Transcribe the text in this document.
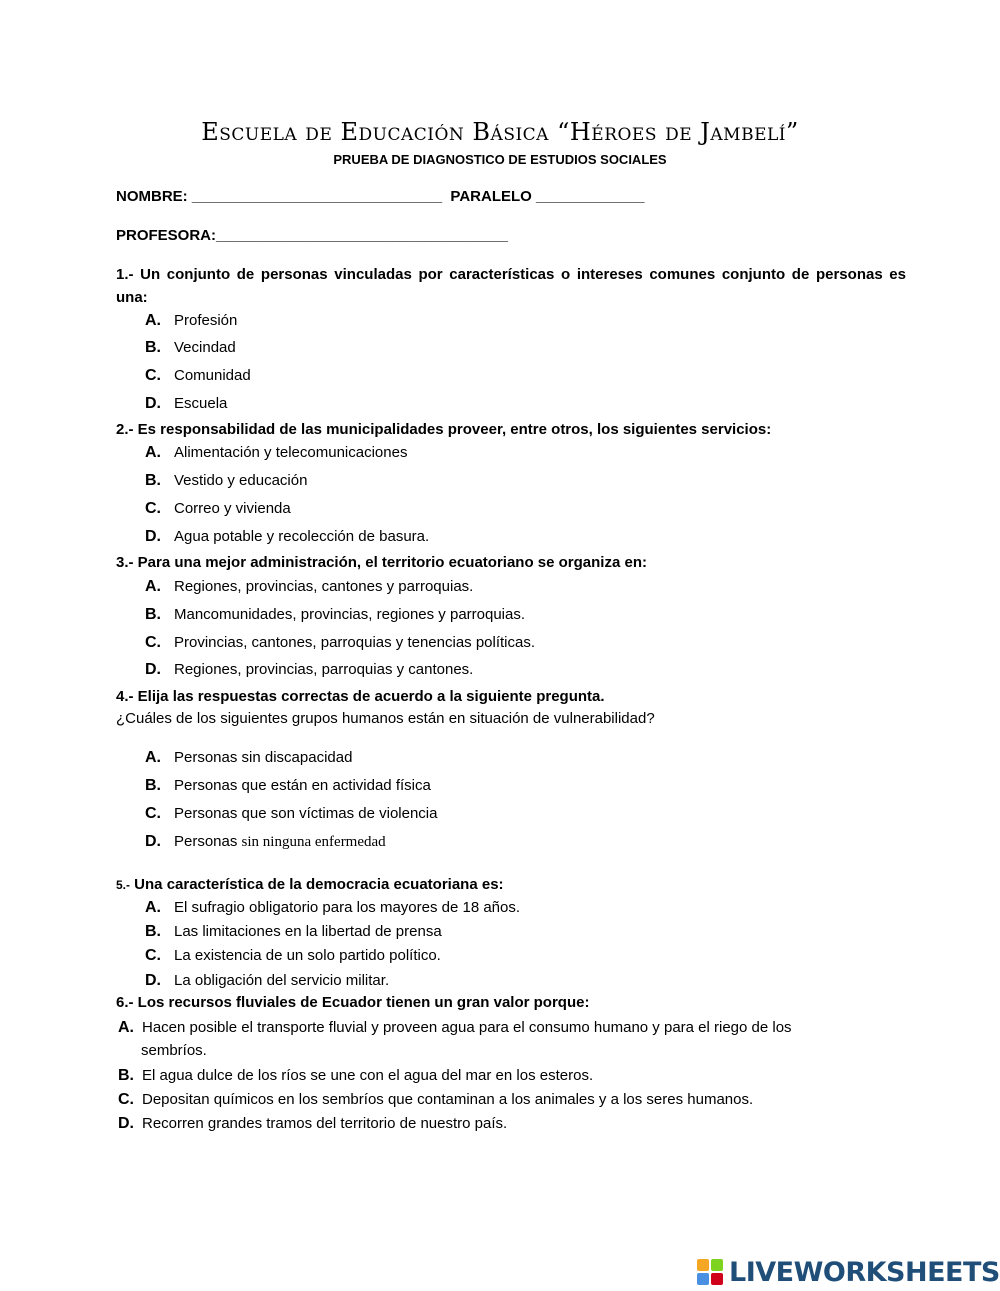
Escuela de Educación Básica “Héroes de Jambelí”
PRUEBA DE DIAGNOSTICO DE ESTUDIOS SOCIALES
NOMBRE: ______________________________  PARALELO _____________
PROFESORA:___________________________________
1.- Un conjunto de personas vinculadas por características o intereses comunes conjunto de personas es una:
A. Profesión
B. Vecindad
C. Comunidad
D. Escuela
2.- Es responsabilidad de las municipalidades proveer, entre otros, los siguientes servicios:
A. Alimentación y telecomunicaciones
B. Vestido y educación
C. Correo y vivienda
D. Agua potable y recolección de basura.
3.- Para una mejor administración, el territorio ecuatoriano se organiza en:
A. Regiones, provincias, cantones y parroquias.
B. Mancomunidades, provincias, regiones y parroquias.
C. Provincias, cantones, parroquias y tenencias políticas.
D. Regiones, provincias, parroquias y cantones.
4.- Elija las respuestas correctas de acuerdo a la siguiente pregunta.
¿Cuáles de los siguientes grupos humanos están en situación de vulnerabilidad?
A. Personas sin discapacidad
B. Personas que están en actividad física
C. Personas que son víctimas de violencia
D. Personas sin ninguna enfermedad
5.- Una característica de la democracia ecuatoriana es:
A. El sufragio obligatorio para los mayores de 18 años.
B. Las limitaciones en la libertad de prensa
C. La existencia de un solo partido político.
D. La obligación del servicio militar.
6.- Los recursos fluviales de Ecuador tienen un gran valor porque:
A. Hacen posible el transporte fluvial y proveen agua para el consumo humano y para el riego de los
sembríos.
B. El agua dulce de los ríos se une con el agua del mar en los esteros.
C. Depositan químicos en los sembríos que contaminan a los animales y a los seres humanos.
D. Recorren grandes tramos del territorio de nuestro país.
LIVEWORKSHEETS
